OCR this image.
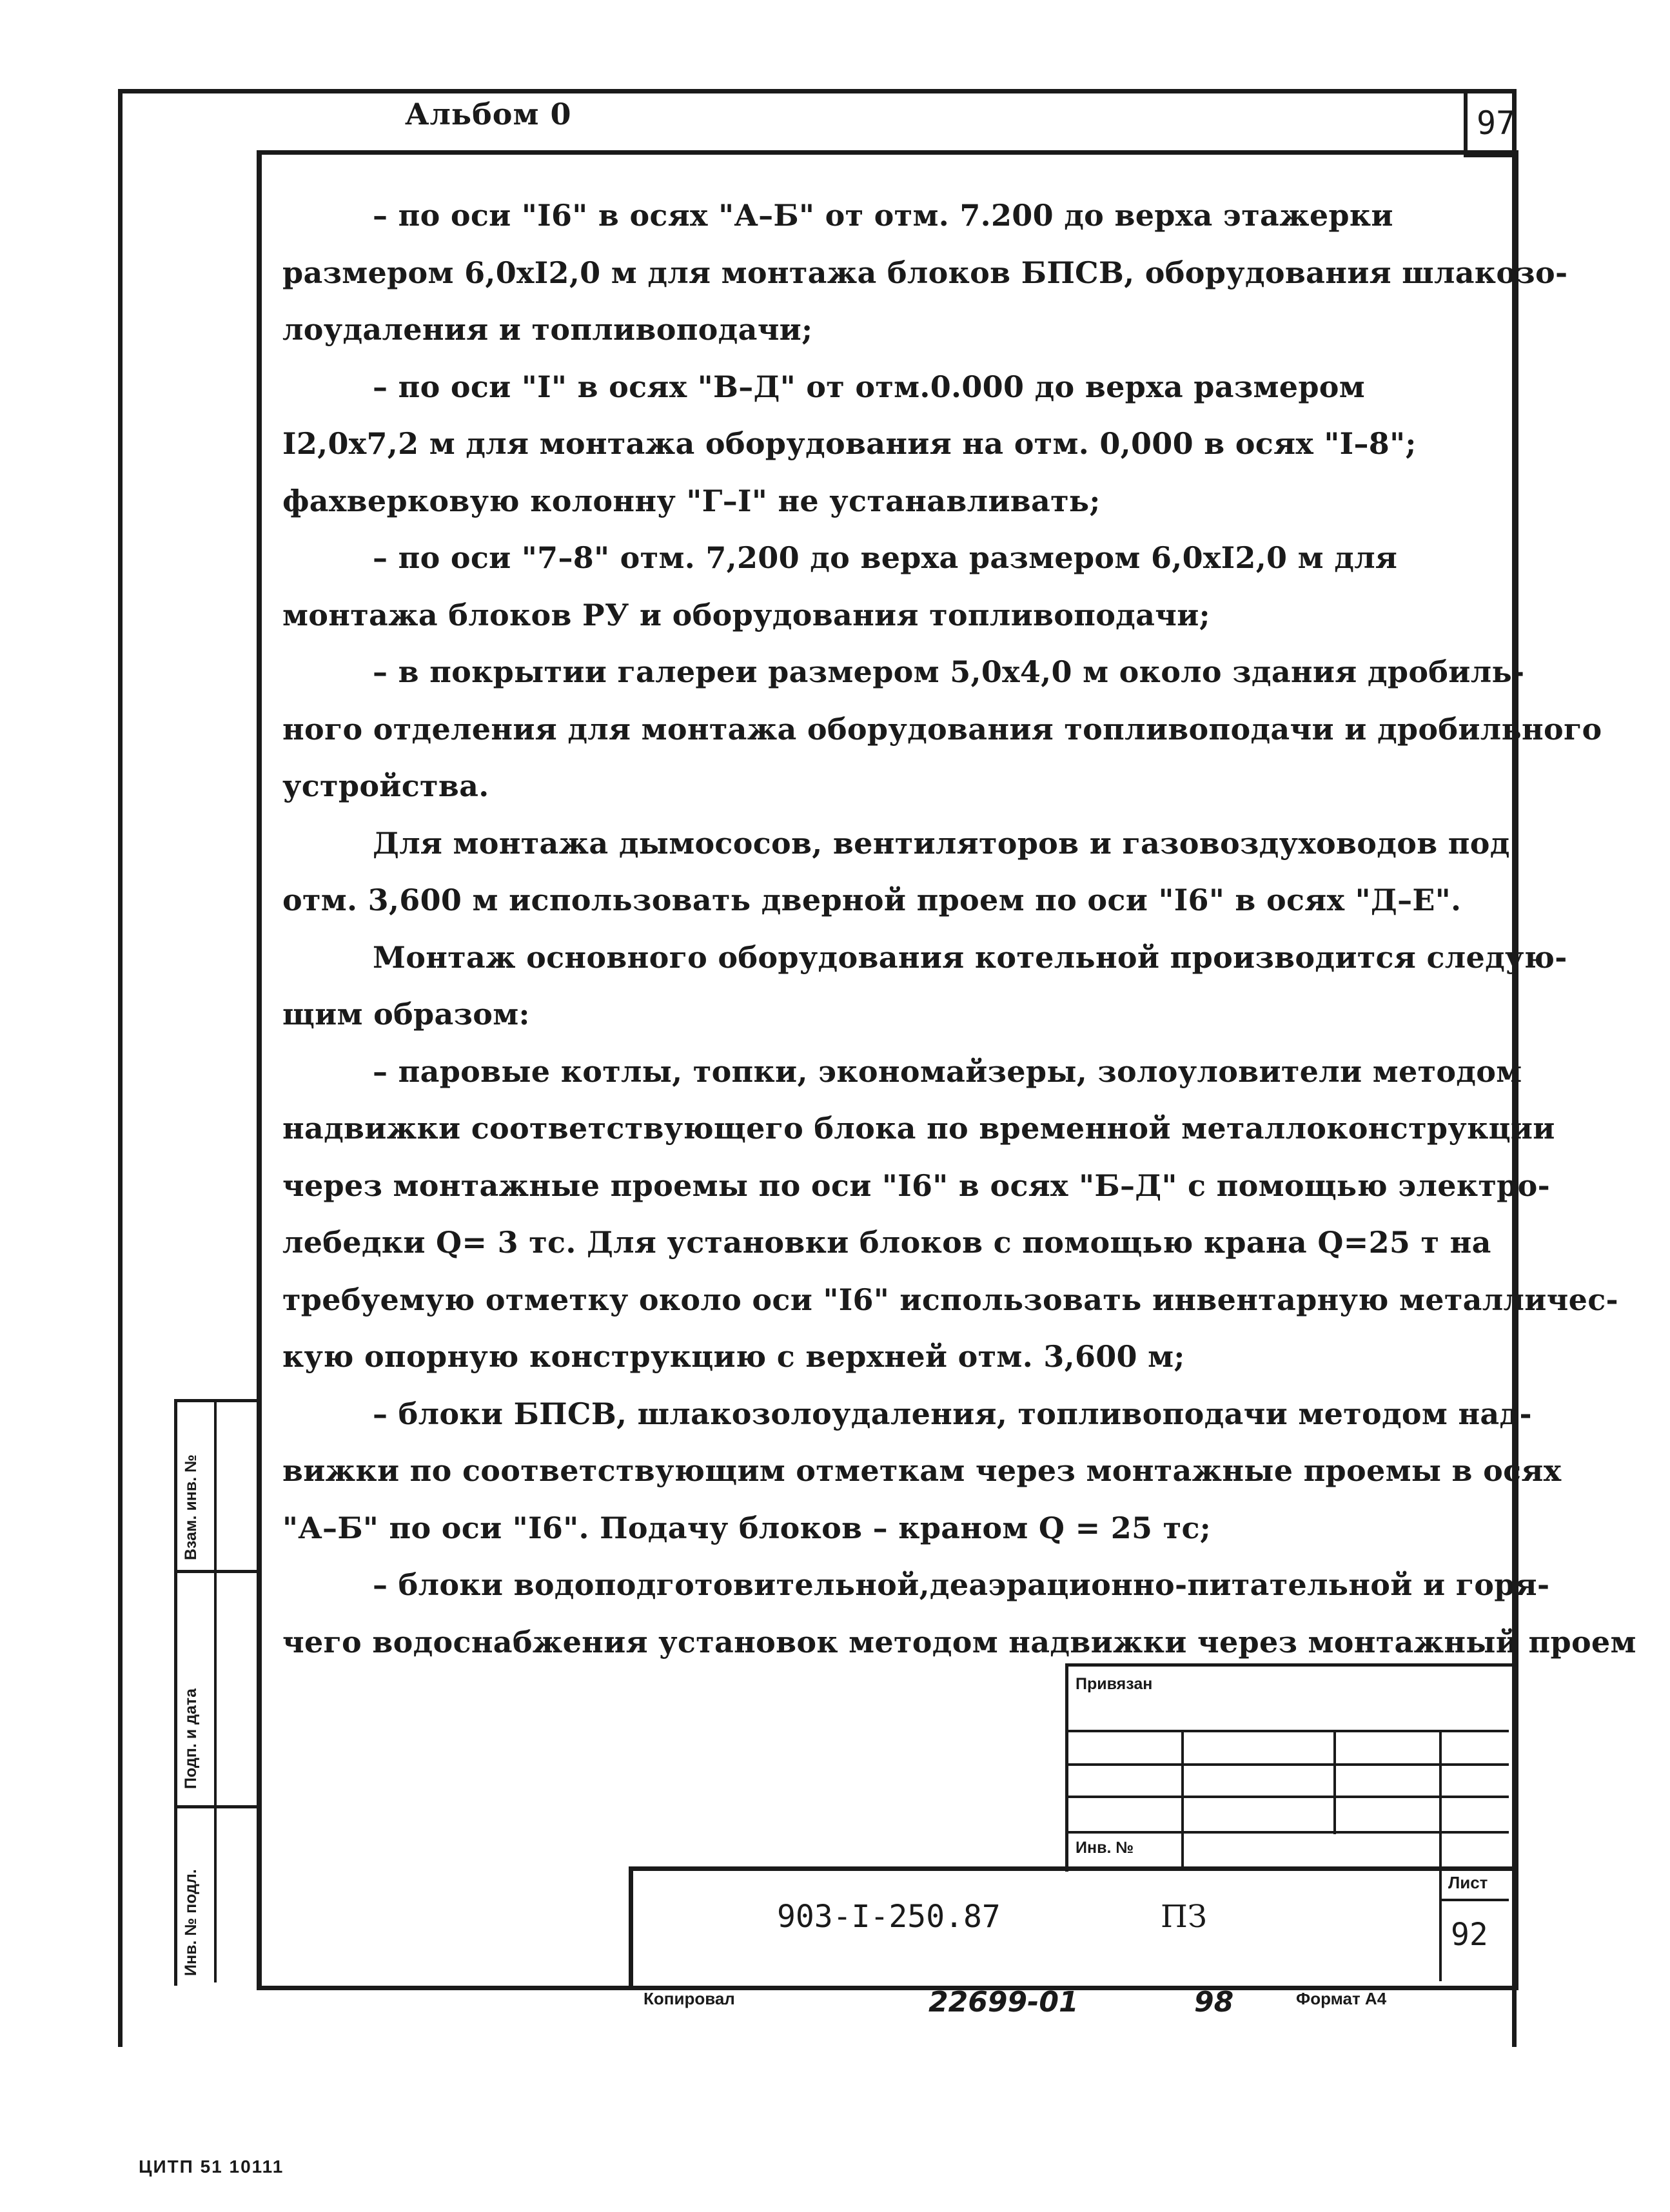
Альбом 0	97
– по оси "I6" в осях "А–Б" от отм. 7.200 до верха этажерки
размером 6,0хI2,0 м для монтажа блоков БПСВ, оборудования шлакозо-
лоудаления и топливоподачи;
– по оси "I" в осях "В–Д" от отм.0.000 до верха размером
I2,0х7,2 м для монтажа оборудования на отм. 0,000 в осях "I–8";
фахверковую колонну "Г–I" не устанавливать;
– по оси "7–8" отм. 7,200 до верха размером 6,0хI2,0 м для
монтажа блоков РУ и оборудования топливоподачи;
– в покрытии галереи размером 5,0х4,0 м около здания дробиль-
ного отделения для монтажа оборудования топливоподачи и дробильного
устройства.
Для монтажа дымососов, вентиляторов и газовоздуховодов под
отм. 3,600 м использовать дверной проем по оси "I6" в осях "Д–Е".
Монтаж основного оборудования котельной производится следую-
щим образом:
– паровые котлы, топки, экономайзеры, золоуловители методом
надвижки соответствующего блока по временной металлоконструкции
через монтажные проемы по оси "I6" в осях "Б–Д" с помощью электро-
лебедки Q= 3 тс. Для установки блоков с помощью крана Q=25 т на
требуемую отметку около оси "I6" использовать инвентарную металличес-
кую опорную конструкцию с верхней отм. 3,600 м;
– блоки БПСВ, шлакозолоудаления, топливоподачи методом над-
вижки по соответствующим отметкам через монтажные проемы в осях
"А–Б" по оси "I6". Подачу блоков – краном Q = 25 тс;
– блоки водоподготовительной,деаэрационно-питательной и горя-
чего водоснабжения установок методом надвижки через монтажный проем
Взам. инв. №
Подп. и дата
Инв. № подл.
Привязан
Инв. №
Лист
903-I-250.87	ПЗ	92
Копировал	22699-01	98	Формат А4
ЦИТП 51 10111
